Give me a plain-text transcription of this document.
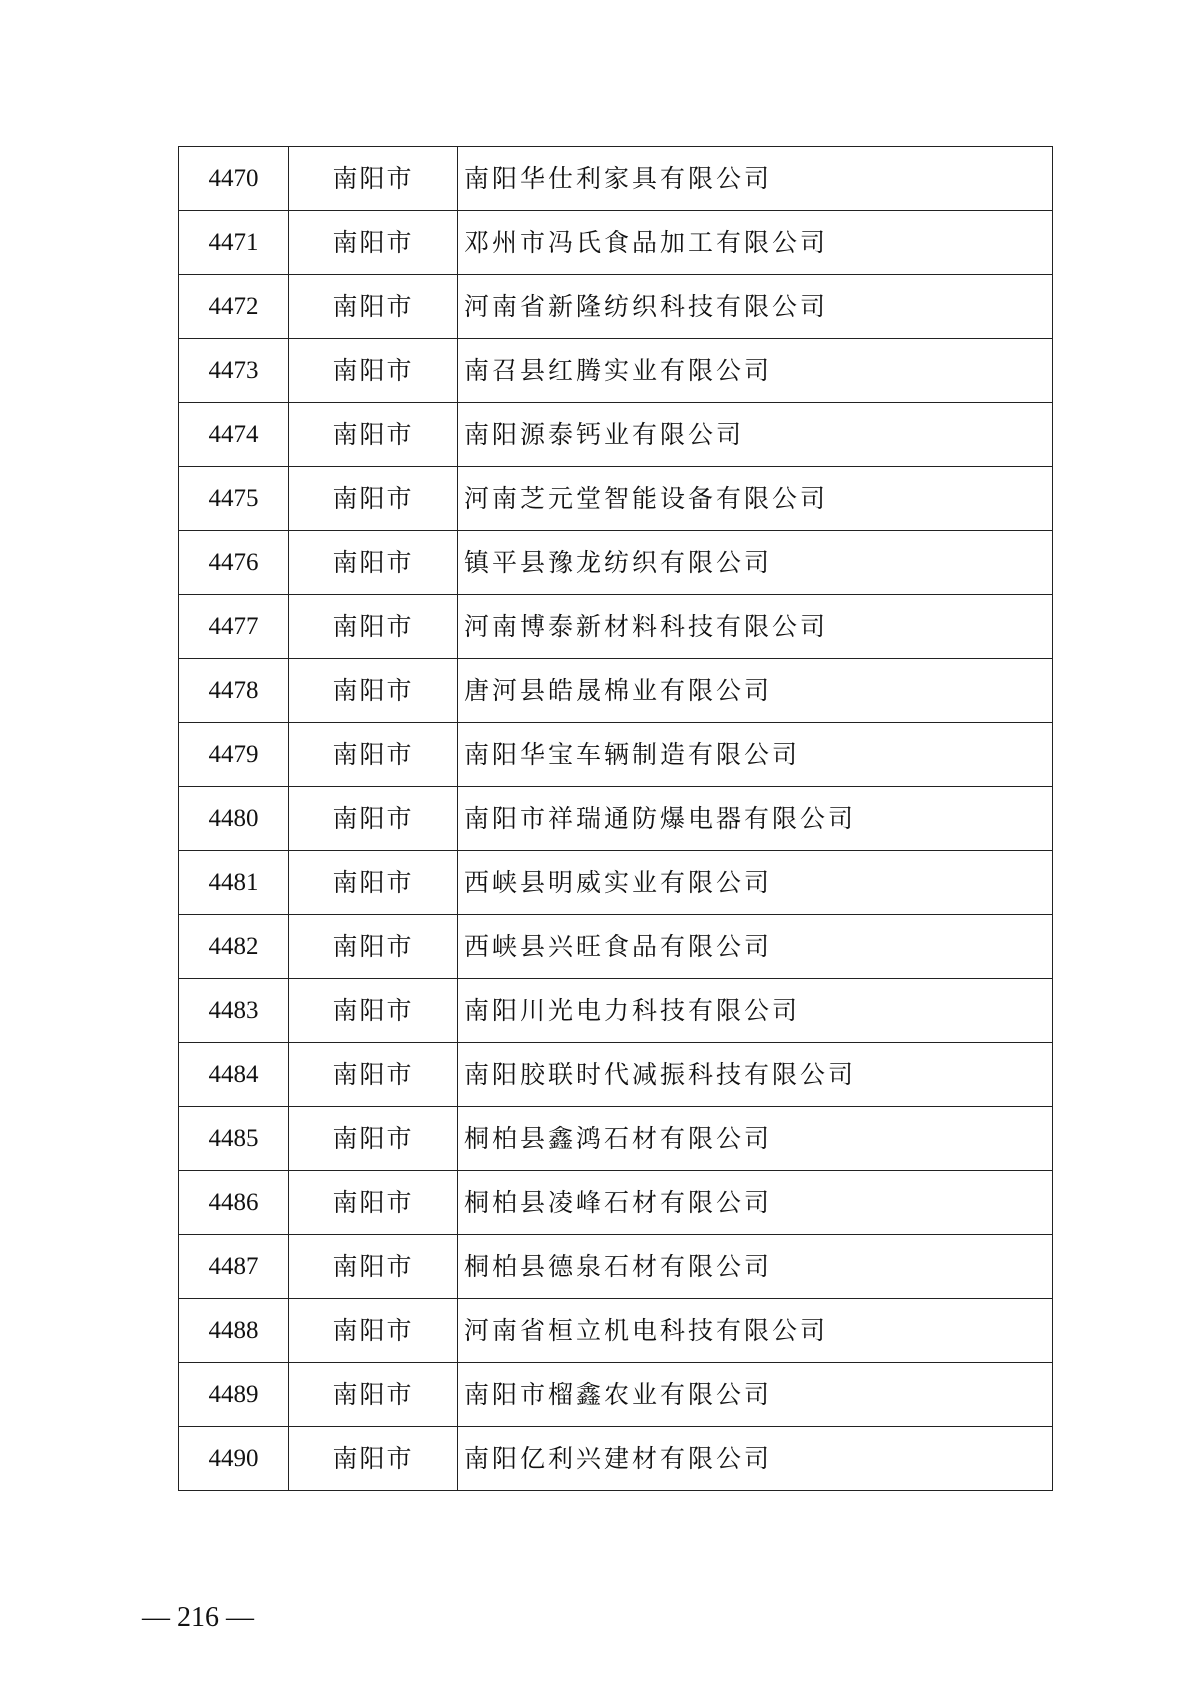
4470	南阳市	南阳华仕利家具有限公司
4471	南阳市	邓州市冯氏食品加工有限公司
4472	南阳市	河南省新隆纺织科技有限公司
4473	南阳市	南召县红腾实业有限公司
4474	南阳市	南阳源泰钙业有限公司
4475	南阳市	河南芝元堂智能设备有限公司
4476	南阳市	镇平县豫龙纺织有限公司
4477	南阳市	河南博泰新材料科技有限公司
4478	南阳市	唐河县皓晟棉业有限公司
4479	南阳市	南阳华宝车辆制造有限公司
4480	南阳市	南阳市祥瑞通防爆电器有限公司
4481	南阳市	西峡县明威实业有限公司
4482	南阳市	西峡县兴旺食品有限公司
4483	南阳市	南阳川光电力科技有限公司
4484	南阳市	南阳胶联时代减振科技有限公司
4485	南阳市	桐柏县鑫鸿石材有限公司
4486	南阳市	桐柏县凌峰石材有限公司
4487	南阳市	桐柏县德泉石材有限公司
4488	南阳市	河南省桓立机电科技有限公司
4489	南阳市	南阳市榴鑫农业有限公司
4490	南阳市	南阳亿利兴建材有限公司
— 216 —
